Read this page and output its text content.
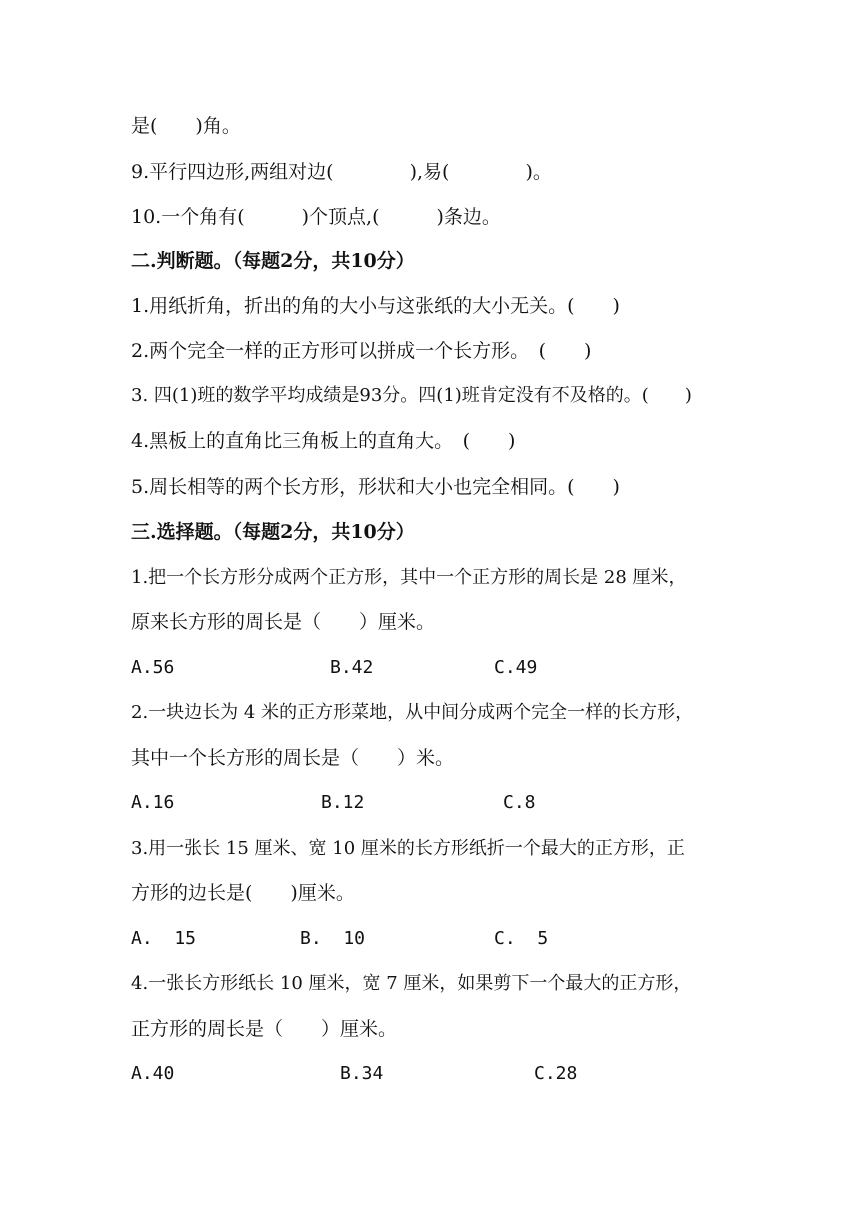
是(　　)角。
9.平行四边形,两组对边(　　　　),易(　　　　)。
10.一个角有(　　　)个顶点,(　　　)条边。
二.判断题。（每题2分，共10分）
1.用纸折角，折出的角的大小与这张纸的大小无关。(　　)
2.两个完全一样的正方形可以拼成一个长方形。　(　　)
3. 四(1)班的数学平均成绩是93分。四(1)班肯定没有不及格的。(　　)
4.黑板上的直角比三角板上的直角大。　(　　)
5.周长相等的两个长方形，形状和大小也完全相同。(　　)
三.选择题。（每题2分，共10分）
1.把一个长方形分成两个正方形，其中一个正方形的周长是 28 厘米，
原来长方形的周长是（　　）厘米。
A.56	B.42	C.49
2.一块边长为 4 米的正方形菜地，从中间分成两个完全一样的长方形，
其中一个长方形的周长是（　　）米。
A.16	B.12	C.8
3.用一张长 15 厘米、宽 10 厘米的长方形纸折一个最大的正方形，正
方形的边长是(　　)厘米。
A.  15	B.  10	C.  5
4.一张长方形纸长 10 厘米，宽 7 厘米，如果剪下一个最大的正方形，
正方形的周长是（　　）厘米。
A.40	B.34	C.28
